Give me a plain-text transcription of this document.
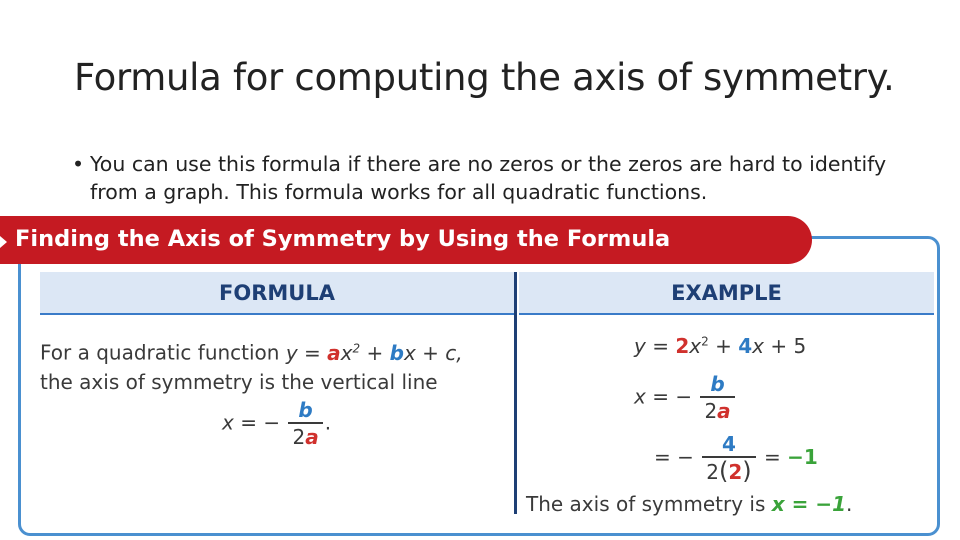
Formula for computing the axis of symmetry.
• You can use this formula if there are no zeros or the zeros are hard to identify from a graph. This formula works for all quadratic functions.
Finding the Axis of Symmetry by Using the Formula
FORMULA	EXAMPLE
For a quadratic function $y = ax^2$ + bx + c,
the axis of symmetry is the vertical line
x = − $\frac{b}{2a}$ .
$y = 2x^2 + 4x + 5$
x = − $\frac{b}{2a}$
= − $\frac{4}{2(2)} = -1$
The axis of symmetry is x = −1.
